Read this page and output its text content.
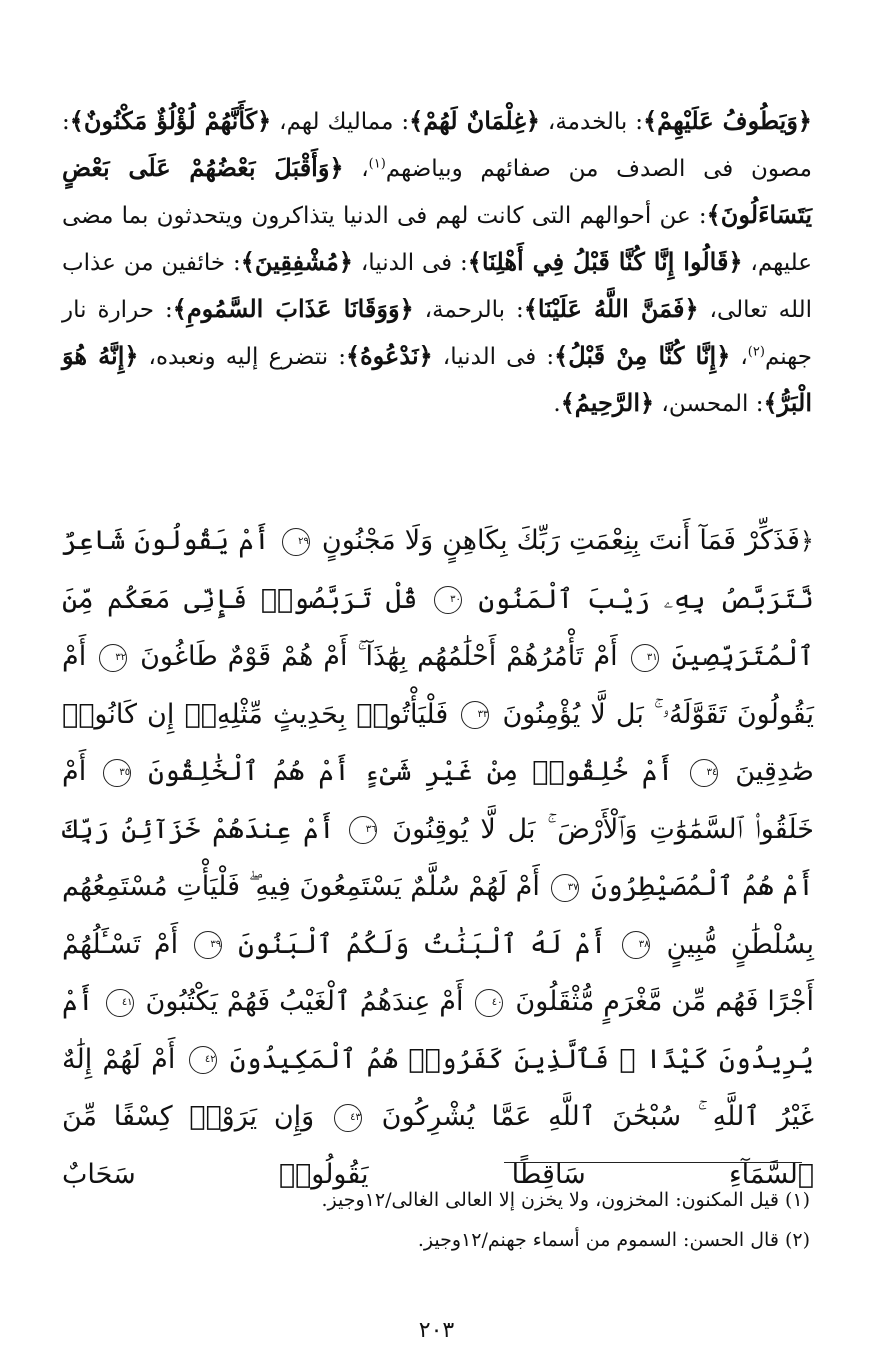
﴿وَيَطُوفُ عَلَيْهِمْ﴾: بالخدمة، ﴿غِلْمَانٌ لَهُمْ﴾: مماليك لهم، ﴿كَأَنَّهُمْ لُؤْلُؤٌ مَكْنُونٌ﴾: مصون فى الصدف من صفائهم وبياضهم$^{(١)}$، ﴿وَأَقْبَلَ بَعْضُهُمْ عَلَى بَعْضٍ يَتَسَاءَلُونَ﴾: عن أحوالهم التى كانت لهم فى الدنيا يتذاكرون ويتحدثون بما مضى عليهم، ﴿قَالُوا إِنَّا كُنَّا قَبْلُ فِي أَهْلِنَا﴾: فى الدنيا، ﴿مُشْفِقِينَ﴾: خائفين من عذاب الله تعالى، ﴿فَمَنَّ اللَّهُ عَلَيْنَا﴾: بالرحمة، ﴿وَوَقَانَا عَذَابَ السَّمُومِ﴾: حرارة نار جهنم$^{(٢)}$، ﴿إِنَّا كُنَّا مِنْ قَبْلُ﴾: فى الدنيا، ﴿نَدْعُوهُ﴾: نتضرع إليه ونعبده، ﴿إِنَّهُ هُوَ الْبَرُّ﴾: المحسن، ﴿الرَّحِيمُ﴾.
﴿فَذَكِّرْ فَمَآ أَنتَ بِنِعْمَتِ رَبِّكَ بِكَاهِنٍ وَلَا مَجْنُونٍ ٢٩ أَمْ يَقُولُونَ شَاعِرٌ نَّتَرَبَّصُ بِهِۦ رَيْبَ ٱلْمَنُونِ ٣٠ قُلْ تَرَبَّصُوا۟ فَإِنِّى مَعَكُم مِّنَ ٱلْمُتَرَبِّصِينَ ٣١ أَمْ تَأْمُرُهُمْ أَحْلَٰمُهُم بِهَٰذَآ ۚ أَمْ هُمْ قَوْمٌ طَاغُونَ ٣٢ أَمْ يَقُولُونَ تَقَوَّلَهُۥ ۚ بَل لَّا يُؤْمِنُونَ ٣٣ فَلْيَأْتُوا۟ بِحَدِيثٍ مِّثْلِهِۦٓ إِن كَانُوا۟ صَٰدِقِينَ ٣٤ أَمْ خُلِقُوا۟ مِنْ غَيْرِ شَىْءٍ أَمْ هُمُ ٱلْخَٰلِقُونَ ٣٥ أَمْ خَلَقُوا۟ ٱلسَّمَٰوَٰتِ وَٱلْأَرْضَ ۚ بَل لَّا يُوقِنُونَ ٣٦ أَمْ عِندَهُمْ خَزَآئِنُ رَبِّكَ أَمْ هُمُ ٱلْمُصَيْطِرُونَ ٣٧ أَمْ لَهُمْ سُلَّمٌ يَسْتَمِعُونَ فِيهِ ۖ فَلْيَأْتِ مُسْتَمِعُهُم بِسُلْطَٰنٍ مُّبِينٍ ٣٨ أَمْ لَهُ ٱلْبَنَٰتُ وَلَكُمُ ٱلْبَنُونَ ٣٩ أَمْ تَسْـَٔلُهُمْ أَجْرًا فَهُم مِّن مَّغْرَمٍ مُّثْقَلُونَ ٤٠ أَمْ عِندَهُمُ ٱلْغَيْبُ فَهُمْ يَكْتُبُونَ ٤١ أَمْ يُرِيدُونَ كَيْدًا ۖ فَٱلَّذِينَ كَفَرُوا۟ هُمُ ٱلْمَكِيدُونَ ٤٢ أَمْ لَهُمْ إِلَٰهٌ غَيْرُ ٱللَّهِ ۚ سُبْحَٰنَ ٱللَّهِ عَمَّا يُشْرِكُونَ ٤٣ وَإِن يَرَوْا۟ كِسْفًا مِّنَ ٱلسَّمَآءِ سَاقِطًا يَقُولُوا۟ سَحَابٌ
(١) قيل المكنون: المخزون، ولا يخزن إلا العالى الغالى/١٢وجيز.
(٢) قال الحسن: السموم من أسماء جهنم/١٢وجيز.
٢٠٣
